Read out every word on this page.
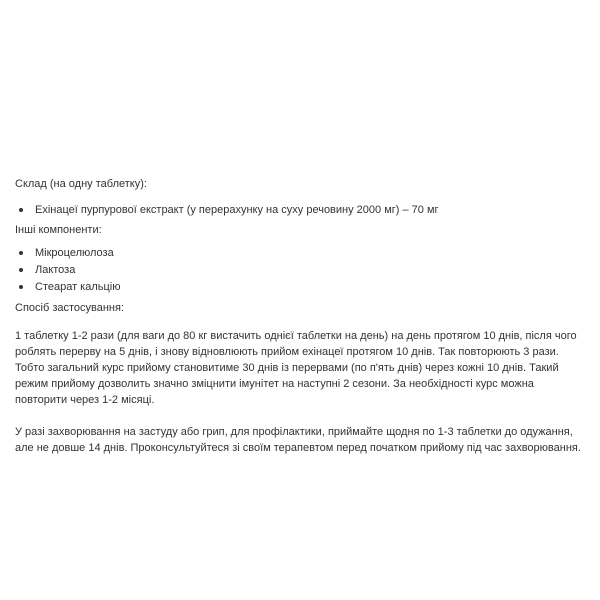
Склад (на одну таблетку):

Ехінацеї пурпурової екстракт (у перерахунку на суху речовину 2000 мг) – 70 мг

Інші компоненти:

Мікроцелюлоза
Лактоза
Стеарат кальцію

Спосіб застосування:

1 таблетку 1-2 рази (для ваги до 80 кг вистачить однієї таблетки на день) на день протягом 10 днів, після чого роблять перерву на 5 днів, і знову відновлюють прийом ехінацеї протягом 10 днів. Так повторюють 3 рази. Тобто загальний курс прийому становитиме 30 днів із перервами (по п'ять днів) через кожні 10 днів. Такий режим прийому дозволить значно зміцнити імунітет на наступні 2 сезони. За необхідності курс можна повторити через 1-2 місяці.

У разі захворювання на застуду або грип, для профілактики, приймайте щодня по 1-3 таблетки до одужання, але не довше 14 днів. Проконсультуйтеся зі своїм терапевтом перед початком прийому під час захворювання.
